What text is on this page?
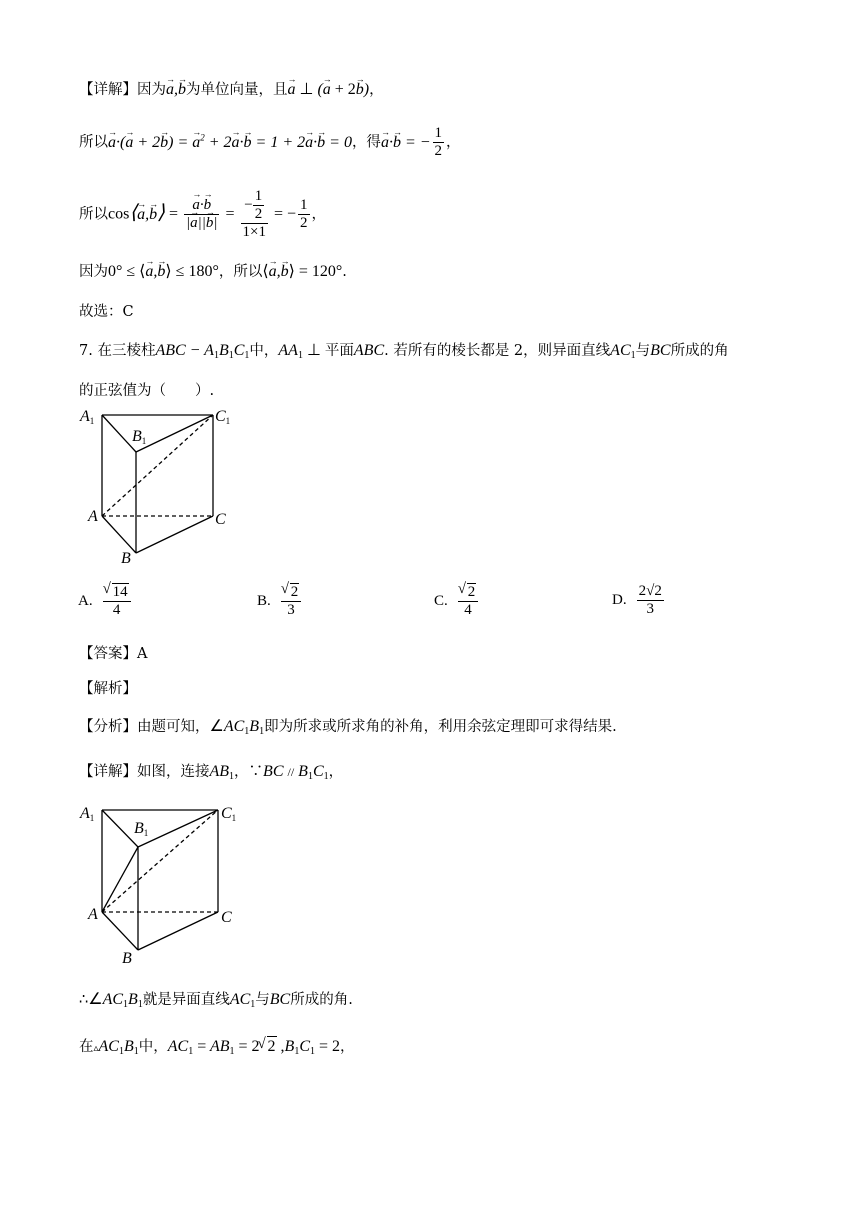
【详解】因为a →,b →为单位向量，且a → ⊥ (a → + 2b →)，
所以a →·(a → + 2b →) = a →$^2$ + 2a →·b → = 1 + 2a →·b → = 0，得a →·b → = − $\frac{1}{2}$ ，
所以cos⟨a →,b →⟩ = $\frac{a \to\cdot b \to}{|a \to||b \to|} = \frac{- \frac{1}{2}}{1\times 1}$ = − $\frac{1}{2}$ ，
因为0° ≤ ⟨a →,b →⟩ ≤ 180°，所以⟨a →,b →⟩ = 120°.
故选：C
7. 在三棱柱ABC − $A_1B_1C_1$中，$AA_1$ ⊥ 平面ABC. 若所有的棱长都是 2，则异面直线$AC_1$与BC所成的角
的正弦值为（　　）.
A1
B1
C1
A	C
B
A.
√ $\frac{14}{4}$	B.
√ $\frac{2}{3}$	C.
√ $\frac{2}{4}$	D. $\frac{2√2}{3}$
【答案】A
【解析】
【分析】由题可知，$\angle AC_1B_1$即为所求或所求角的补角，利用余弦定理即可求得结果.
【详解】如图，连接$AB_1$，∵BC // $B_1C_1$，
A1
B1
C1
A	C
B
$\therefore\angle AC_1B_1$就是异面直线$AC_1$与BC所成的角.
在$▵AC_1B_1$中，$AC_1 = AB_1 = 2√$ 2 $,B_1C_1 = 2$，
